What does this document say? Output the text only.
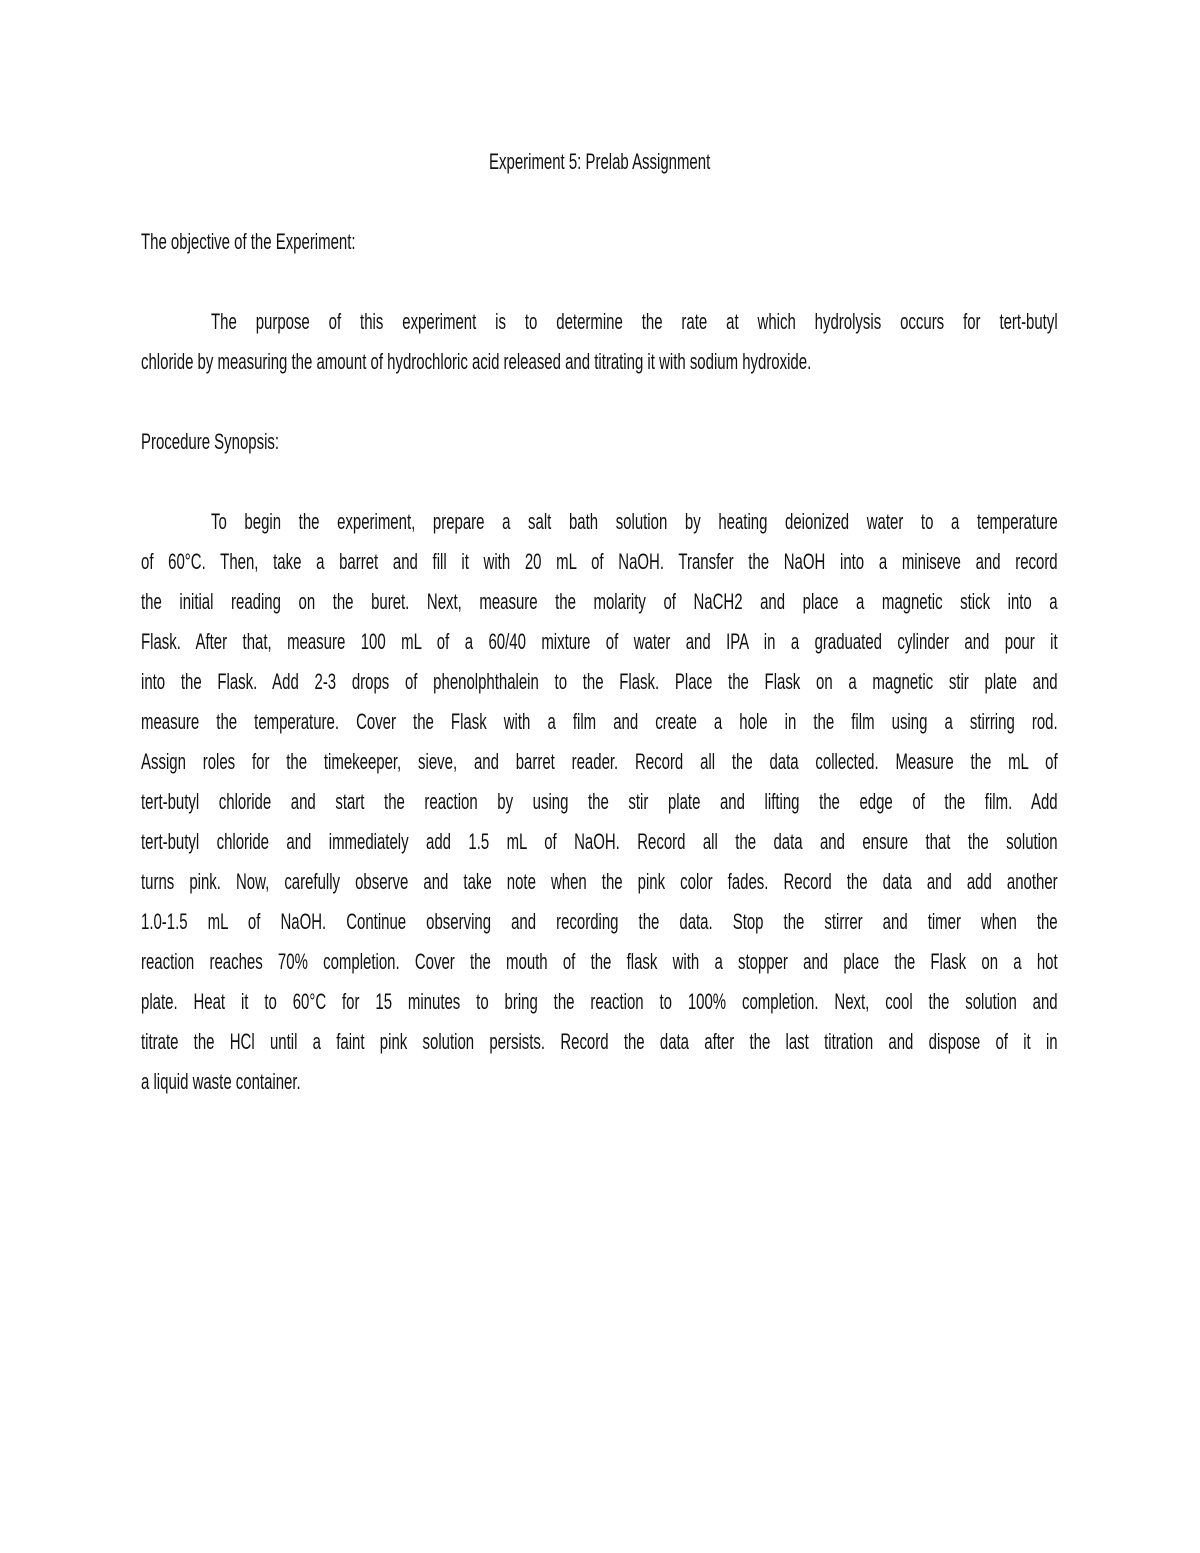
Experiment 5: Prelab Assignment
The objective of the Experiment:
The purpose of this experiment is to determine the rate at which hydrolysis occurs for tert-butyl
chloride by measuring the amount of hydrochloric acid released and titrating it with sodium hydroxide.
Procedure Synopsis:
To begin the experiment, prepare a salt bath solution by heating deionized water to a temperature
of 60°C. Then, take a barret and fill it with 20 mL of NaOH. Transfer the NaOH into a miniseve and record
the initial reading on the buret. Next, measure the molarity of NaCH2 and place a magnetic stick into a
Flask. After that, measure 100 mL of a 60/40 mixture of water and IPA in a graduated cylinder and pour it
into the Flask. Add 2-3 drops of phenolphthalein to the Flask. Place the Flask on a magnetic stir plate and
measure the temperature. Cover the Flask with a film and create a hole in the film using a stirring rod.
Assign roles for the timekeeper, sieve, and barret reader. Record all the data collected. Measure the mL of
tert-butyl chloride and start the reaction by using the stir plate and lifting the edge of the film. Add
tert-butyl chloride and immediately add 1.5 mL of NaOH. Record all the data and ensure that the solution
turns pink. Now, carefully observe and take note when the pink color fades. Record the data and add another
1.0-1.5 mL of NaOH. Continue observing and recording the data. Stop the stirrer and timer when the
reaction reaches 70% completion. Cover the mouth of the flask with a stopper and place the Flask on a hot
plate. Heat it to 60°C for 15 minutes to bring the reaction to 100% completion. Next, cool the solution and
titrate the HCl until a faint pink solution persists. Record the data after the last titration and dispose of it in
a liquid waste container.
